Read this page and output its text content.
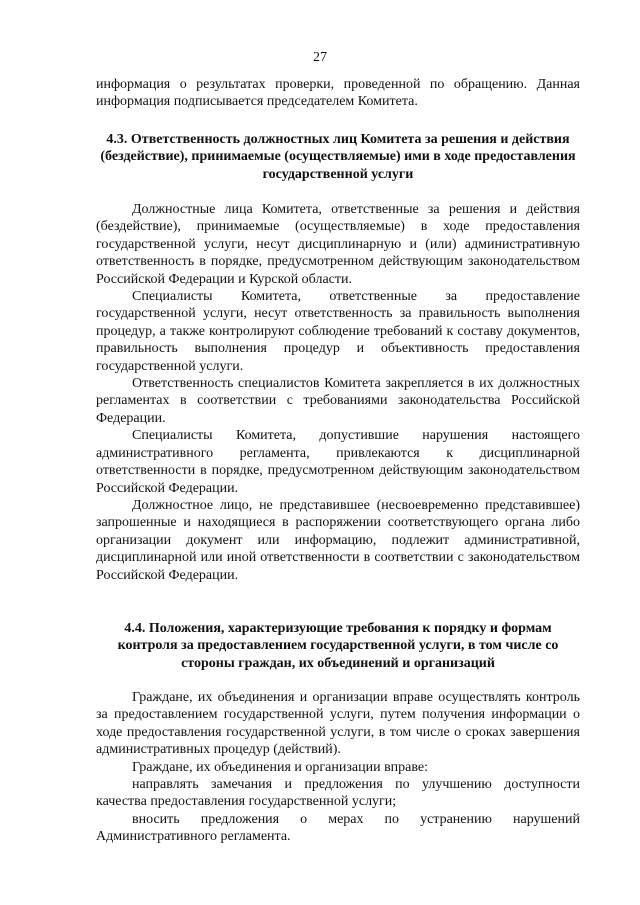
27

информация о результатах проверки, проведенной по обращению. Данная информация подписывается председателем Комитета.

4.3. Ответственность должностных лиц Комитета за решения и действия (бездействие), принимаемые (осуществляемые) ими в ходе предоставления государственной услуги

Должностные лица Комитета, ответственные за решения и действия (бездействие), принимаемые (осуществляемые) в ходе предоставления государственной услуги, несут дисциплинарную и (или) административную ответственность в порядке, предусмотренном действующим законодательством Российской Федерации и Курской области.

Специалисты Комитета, ответственные за предоставление государственной услуги, несут ответственность за правильность выполнения процедур, а также контролируют соблюдение требований к составу документов, правильность выполнения процедур и объективность предоставления государственной услуги.

Ответственность специалистов Комитета закрепляется в их должностных регламентах в соответствии с требованиями законодательства Российской Федерации.

Специалисты Комитета, допустившие нарушения настоящего административного регламента, привлекаются к дисциплинарной ответственности в порядке, предусмотренном действующим законодательством Российской Федерации.

Должностное лицо, не представившее (несвоевременно представившее) запрошенные и находящиеся в распоряжении соответствующего органа либо организации документ или информацию, подлежит административной, дисциплинарной или иной ответственности в соответствии с законодательством Российской Федерации.

4.4. Положения, характеризующие требования к порядку и формам контроля за предоставлением государственной услуги, в том числе со стороны граждан, их объединений и организаций

Граждане, их объединения и организации вправе осуществлять контроль за предоставлением государственной услуги, путем получения информации о ходе предоставления государственной услуги, в том числе о сроках завершения административных процедур (действий).

Граждане, их объединения и организации вправе:

направлять замечания и предложения по улучшению доступности качества предоставления государственной услуги;

вносить предложения о мерах по устранению нарушений Административного регламента.
